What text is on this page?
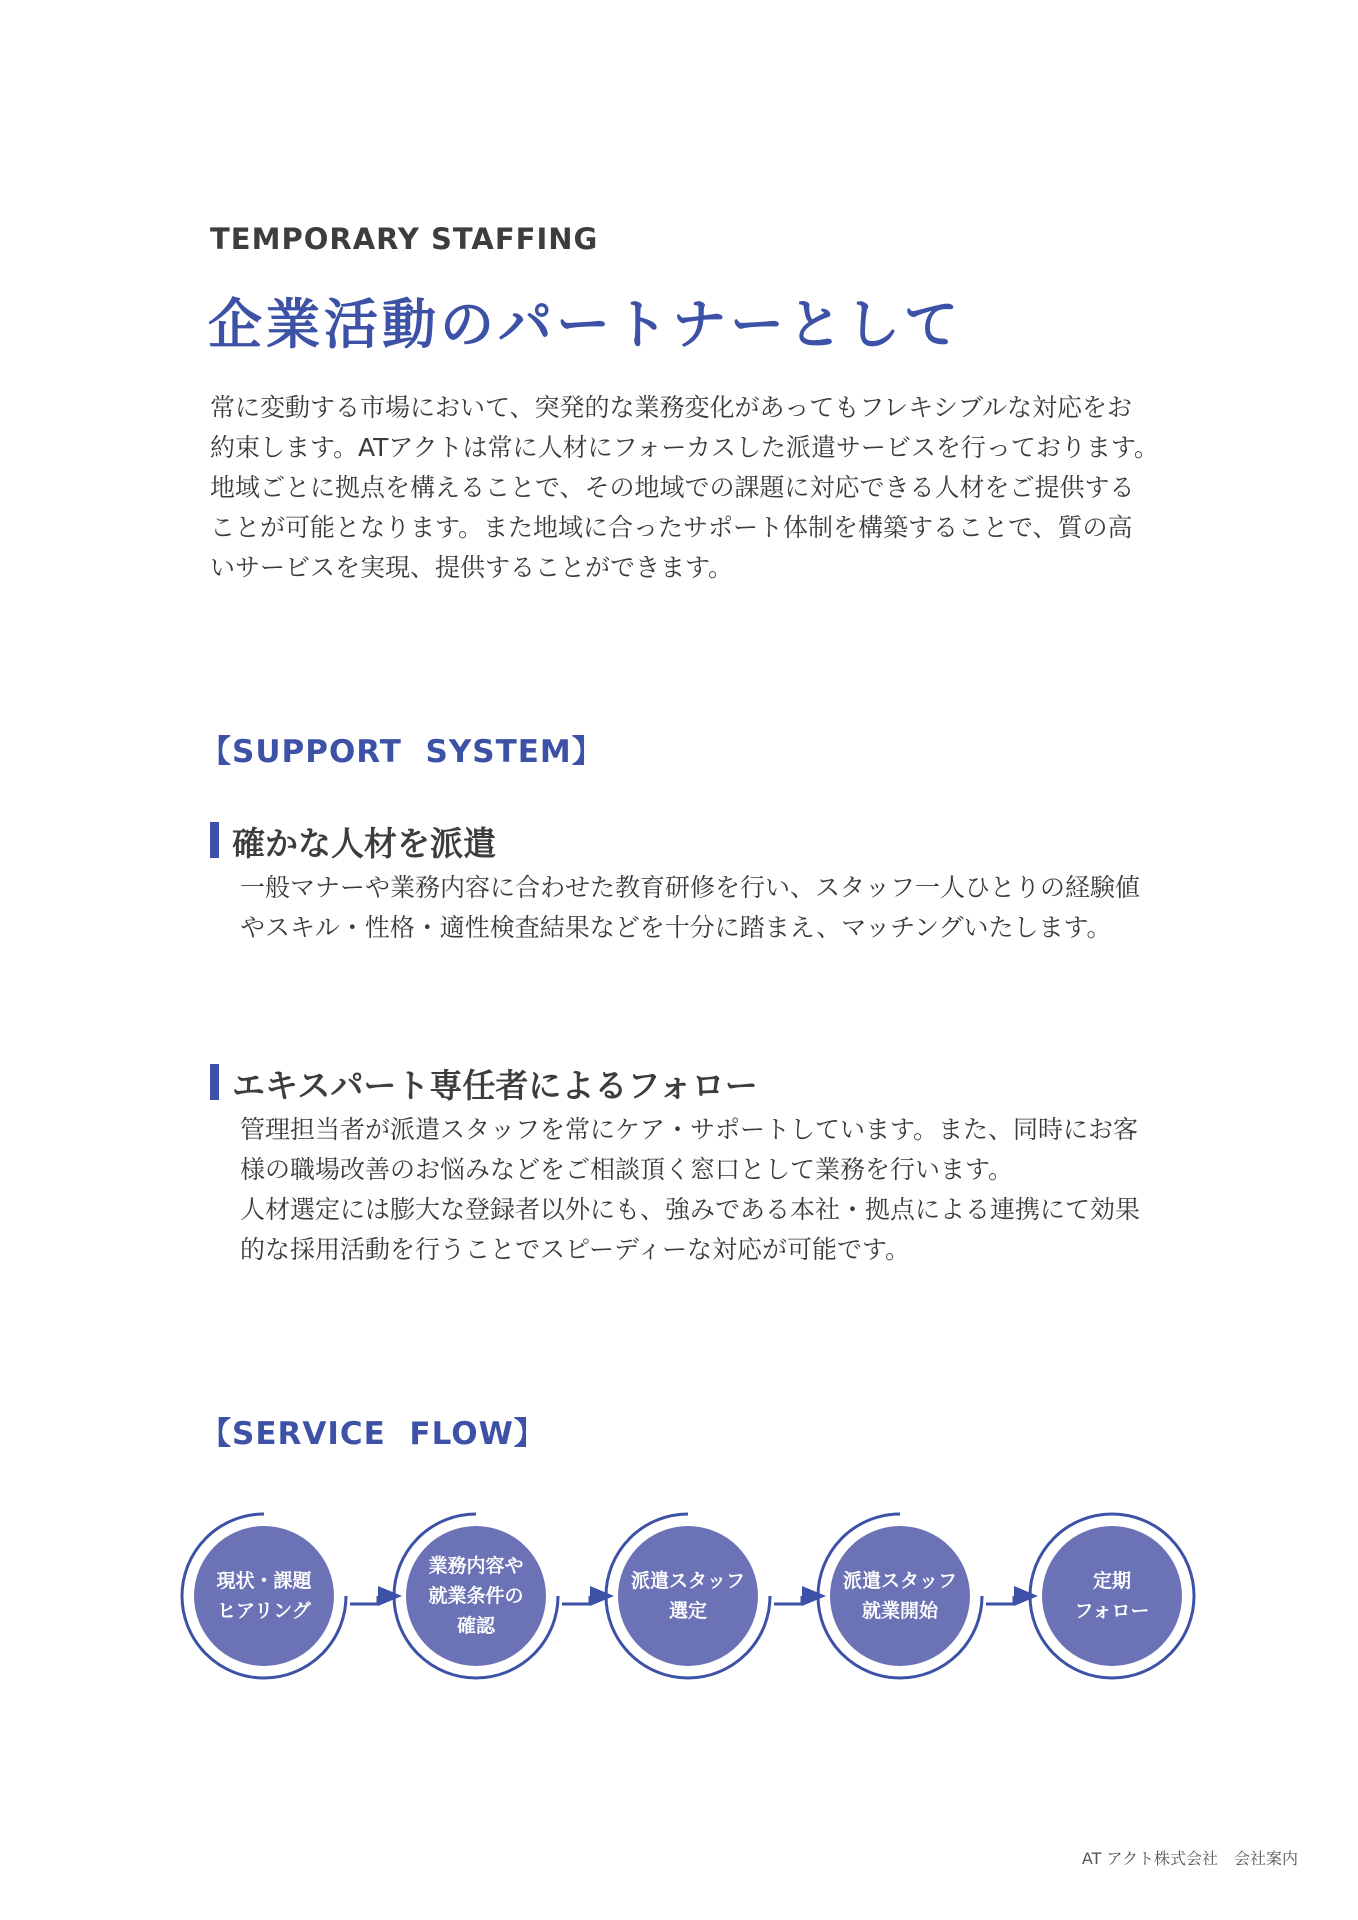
TEMPORARY STAFFING
企業活動のパートナーとして
常に変動する市場において、突発的な業務変化があってもフレキシブルな対応をお
約束します。ATアクトは常に人材にフォーカスした派遣サービスを行っております。
地域ごとに拠点を構えることで、その地域での課題に対応できる人材をご提供する
ことが可能となります。また地域に合ったサポート体制を構築することで、質の高
いサービスを実現、提供することができます。
【SUPPORT  SYSTEM】
確かな人材を派遣
一般マナーや業務内容に合わせた教育研修を行い、スタッフ一人ひとりの経験値
やスキル・性格・適性検査結果などを十分に踏まえ、マッチングいたします。
エキスパート専任者によるフォロー
管理担当者が派遣スタッフを常にケア・サポートしています。また、同時にお客
様の職場改善のお悩みなどをご相談頂く窓口として業務を行います。
人材選定には膨大な登録者以外にも、強みである本社・拠点による連携にて効果
的な採用活動を行うことでスピーディーな対応が可能です。
【SERVICE  FLOW】
現状・課題
ヒアリング
業務内容や
就業条件の
確認
派遣スタッフ
選定
派遣スタッフ
就業開始
定期
フォロー
AT アクト株式会社　会社案内
